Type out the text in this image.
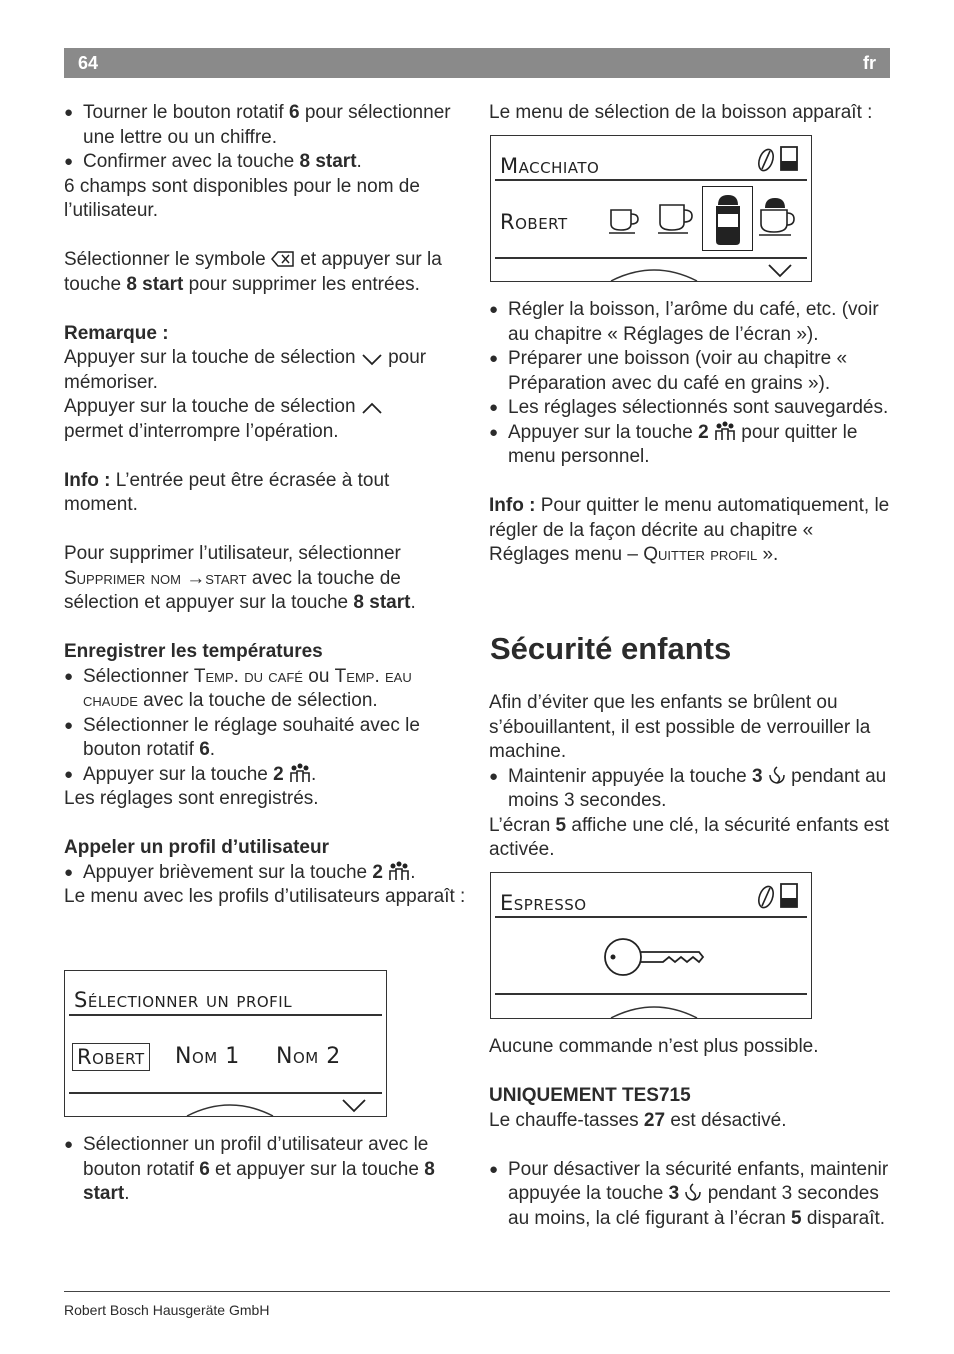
64	fr

● Tourner le bouton rotatif 6 pour sélectionner une lettre ou un chiffre.

● Confirmer avec la touche 8 start.

6 champs sont disponibles pour le nom de l’utilisateur.

Sélectionner le symbole  et appuyer sur la touche 8 start pour supprimer les entrées.

Remarque :

Appuyer sur la touche de sélection  pour mémoriser.

Appuyer sur la touche de sélection
permet d’interrompre l’opération.

Info : L’entrée peut être écrasée à tout moment.

Pour supprimer l’utilisateur, sélectionner
Supprimer nom →start avec la touche de sélection et appuyer sur la touche 8 start.

Enregistrer les températures

● Sélectionner Temp. du café ou Temp. eau chaude avec la touche de sélection.

● Sélectionner le réglage souhaité avec le bouton rotatif 6.

● Appuyer sur la touche 2 .

Les réglages sont enregistrés.

Appeler un profil d’utilisateur

● Appuyer brièvement sur la touche 2 .

Le menu avec les profils d’utilisateurs apparaît :

Sélectionner un profil
Robert Nom 1 Nom 2

● Sélectionner un profil d’utilisateur avec le bouton rotatif 6 et appuyer sur la touche 8 start.

Le menu de sélection de la boisson apparaît :

Macchiato
Robert

● Régler la boisson, l’arôme du café, etc. (voir au chapitre « Réglages de l’écran »).

● Préparer une boisson (voir au chapitre « Préparation avec du café en grains »).

● Les réglages sélectionnés sont sauvegardés.

● Appuyer sur la touche 2  pour quitter le menu personnel.

Info : Pour quitter le menu automatiquement, le régler de la façon décrite au chapitre « Réglages menu – Quitter profil ».

Sécurité enfants

Afin d’éviter que les enfants se brûlent ou s’ébouillantent, il est possible de verrouiller la machine.

● Maintenir appuyée la touche 3  pendant au moins 3 secondes.

L’écran 5 affiche une clé, la sécurité enfants est activée.

Espresso

Aucune commande n’est plus possible.

UNIQUEMENT TES715

Le chauffe-tasses 27 est désactivé.

● Pour désactiver la sécurité enfants, maintenir appuyée la touche 3  pendant 3 secondes au moins, la clé figurant à l’écran 5 disparaît.

Robert Bosch Hausgeräte GmbH
